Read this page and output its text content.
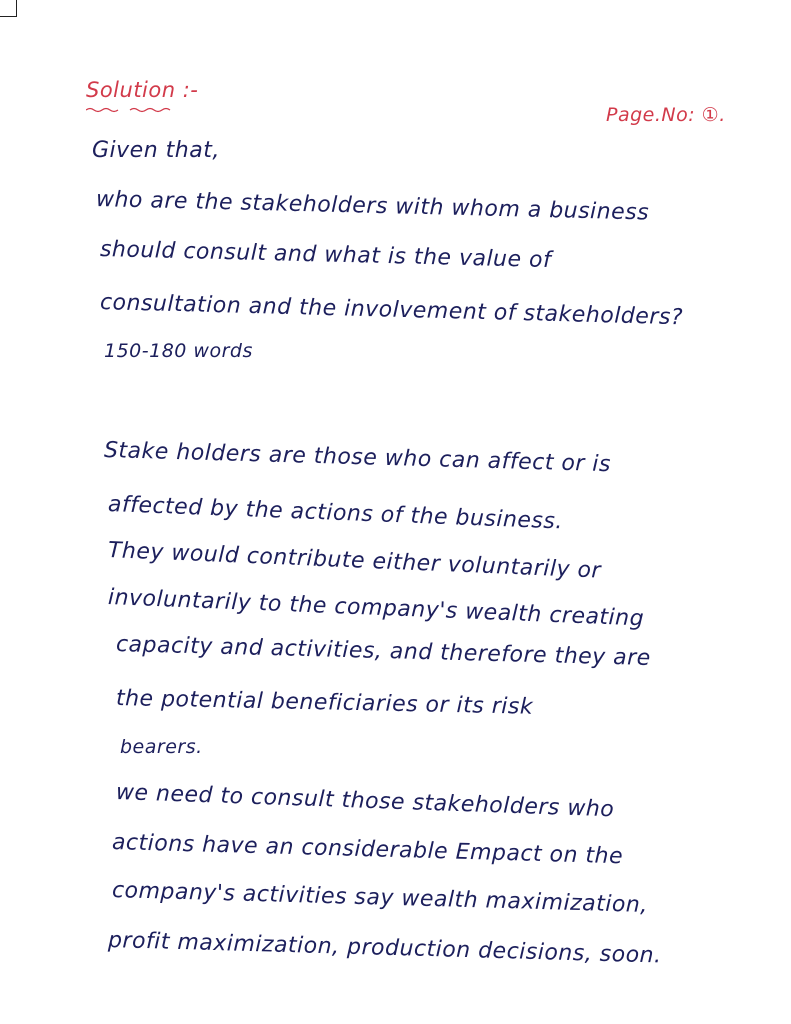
Solution :-
Page.No: ①.
Given that,
who are the stakeholders with whom a business
should consult and what is the value of
consultation and the involvement of stakeholders?
150-180 words
Stake holders are those who can affect or is
affected by the actions of the business.
They would contribute either voluntarily or
involuntarily to the company's wealth creating
capacity and activities, and therefore they are
the potential beneficiaries or its risk
bearers.
we need to consult those stakeholders who
actions have an considerable Empact on the
company's activities say wealth maximization,
profit maximization, production decisions, soon.
